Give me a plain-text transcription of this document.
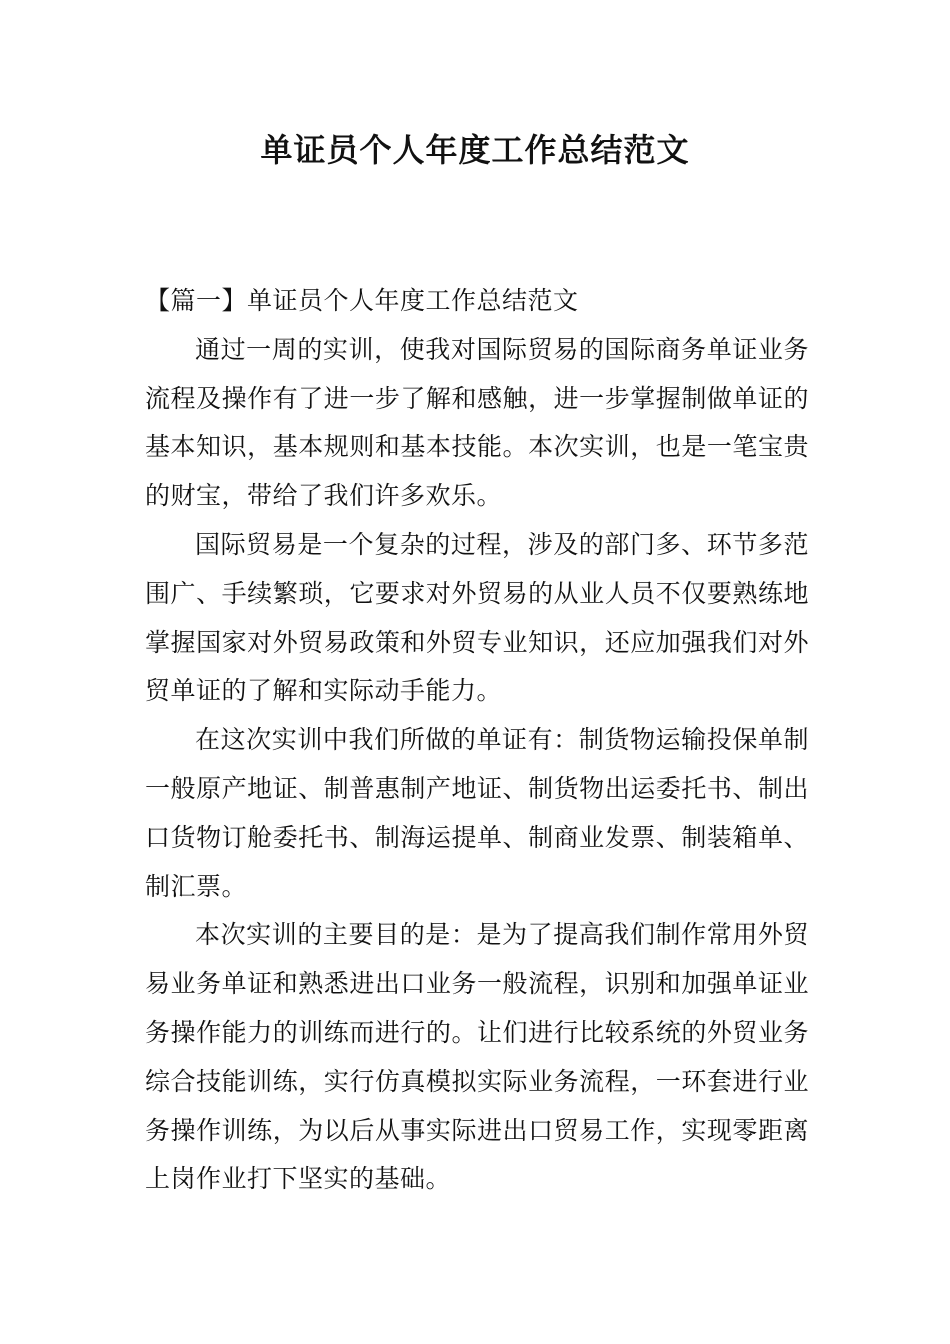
单证员个人年度工作总结范文
【篇一】单证员个人年度工作总结范文

通过一周的实训，使我对国际贸易的国际商务单证业务流程及操作有了进一步了解和感触，进一步掌握制做单证的基本知识，基本规则和基本技能。本次实训，也是一笔宝贵的财宝，带给了我们许多欢乐。

国际贸易是一个复杂的过程，涉及的部门多、环节多范围广、手续繁琐，它要求对外贸易的从业人员不仅要熟练地掌握国家对外贸易政策和外贸专业知识，还应加强我们对外贸单证的了解和实际动手能力。

在这次实训中我们所做的单证有：制货物运输投保单制一般原产地证、制普惠制产地证、制货物出运委托书、制出口货物订舱委托书、制海运提单、制商业发票、制装箱单、制汇票。

本次实训的主要目的是：是为了提高我们制作常用外贸易业务单证和熟悉进出口业务一般流程，识别和加强单证业务操作能力的训练而进行的。让们进行比较系统的外贸业务综合技能训练，实行仿真模拟实际业务流程，一环套进行业务操作训练，为以后从事实际进出口贸易工作，实现零距离上岗作业打下坚实的基础。
